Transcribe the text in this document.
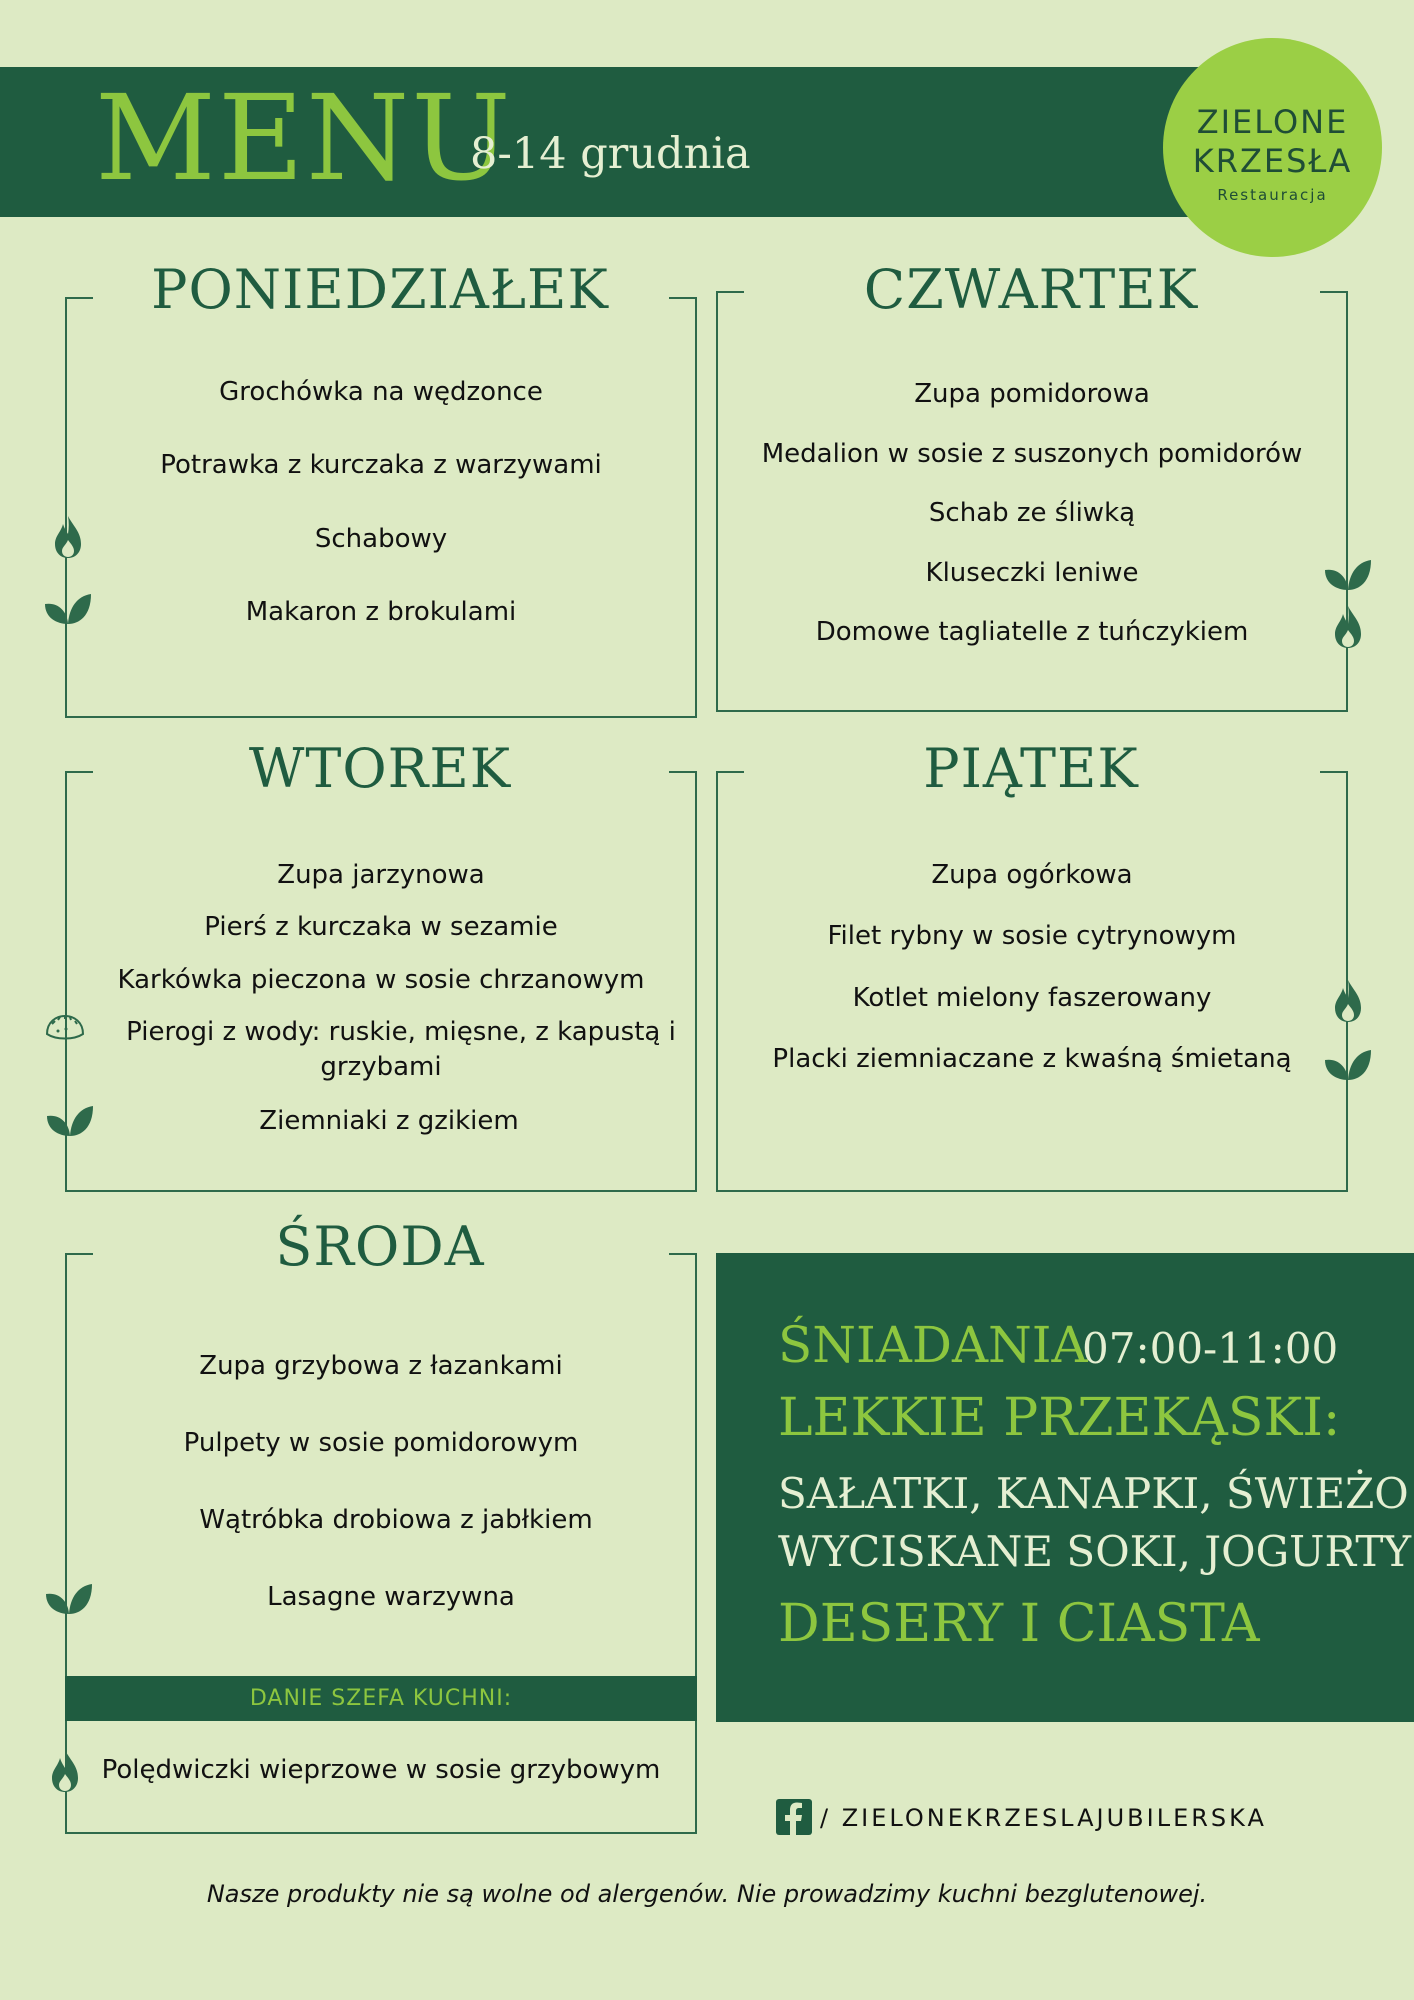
MENU
8-14 grudnia
ZIELONE
KRZESŁA
Restauracja
PONIEDZIAŁEK
Grochówka na wędzonce
Potrawka z kurczaka z warzywami
Schabowy
Makaron z brokulami
CZWARTEK
Zupa pomidorowa
Medalion w sosie z suszonych pomidorów
Schab ze śliwką
Kluseczki leniwe
Domowe tagliatelle z tuńczykiem
WTOREK
Zupa jarzynowa
Pierś z kurczaka w sezamie
Karkówka pieczona w sosie chrzanowym
Pierogi z wody: ruskie, mięsne, z kapustą i
grzybami
Ziemniaki z gzikiem
PIĄTEK
Zupa ogórkowa
Filet rybny w sosie cytrynowym
Kotlet mielony faszerowany
Placki ziemniaczane z kwaśną śmietaną
ŚRODA
Zupa grzybowa z łazankami
Pulpety w sosie pomidorowym
Wątróbka drobiowa z jabłkiem
Lasagne warzywna
DANIE SZEFA KUCHNI:
Polędwiczki wieprzowe w sosie grzybowym
ŚNIADANIA
07:00-11:00
LEKKIE PRZEKĄSKI:
SAŁATKI, KANAPKI, ŚWIEŻO
WYCISKANE SOKI, JOGURTY
DESERY I CIASTA
/ ZIELONEKRZESLAJUBILERSKA
Nasze produkty nie są wolne od alergenów. Nie prowadzimy kuchni bezglutenowej.
